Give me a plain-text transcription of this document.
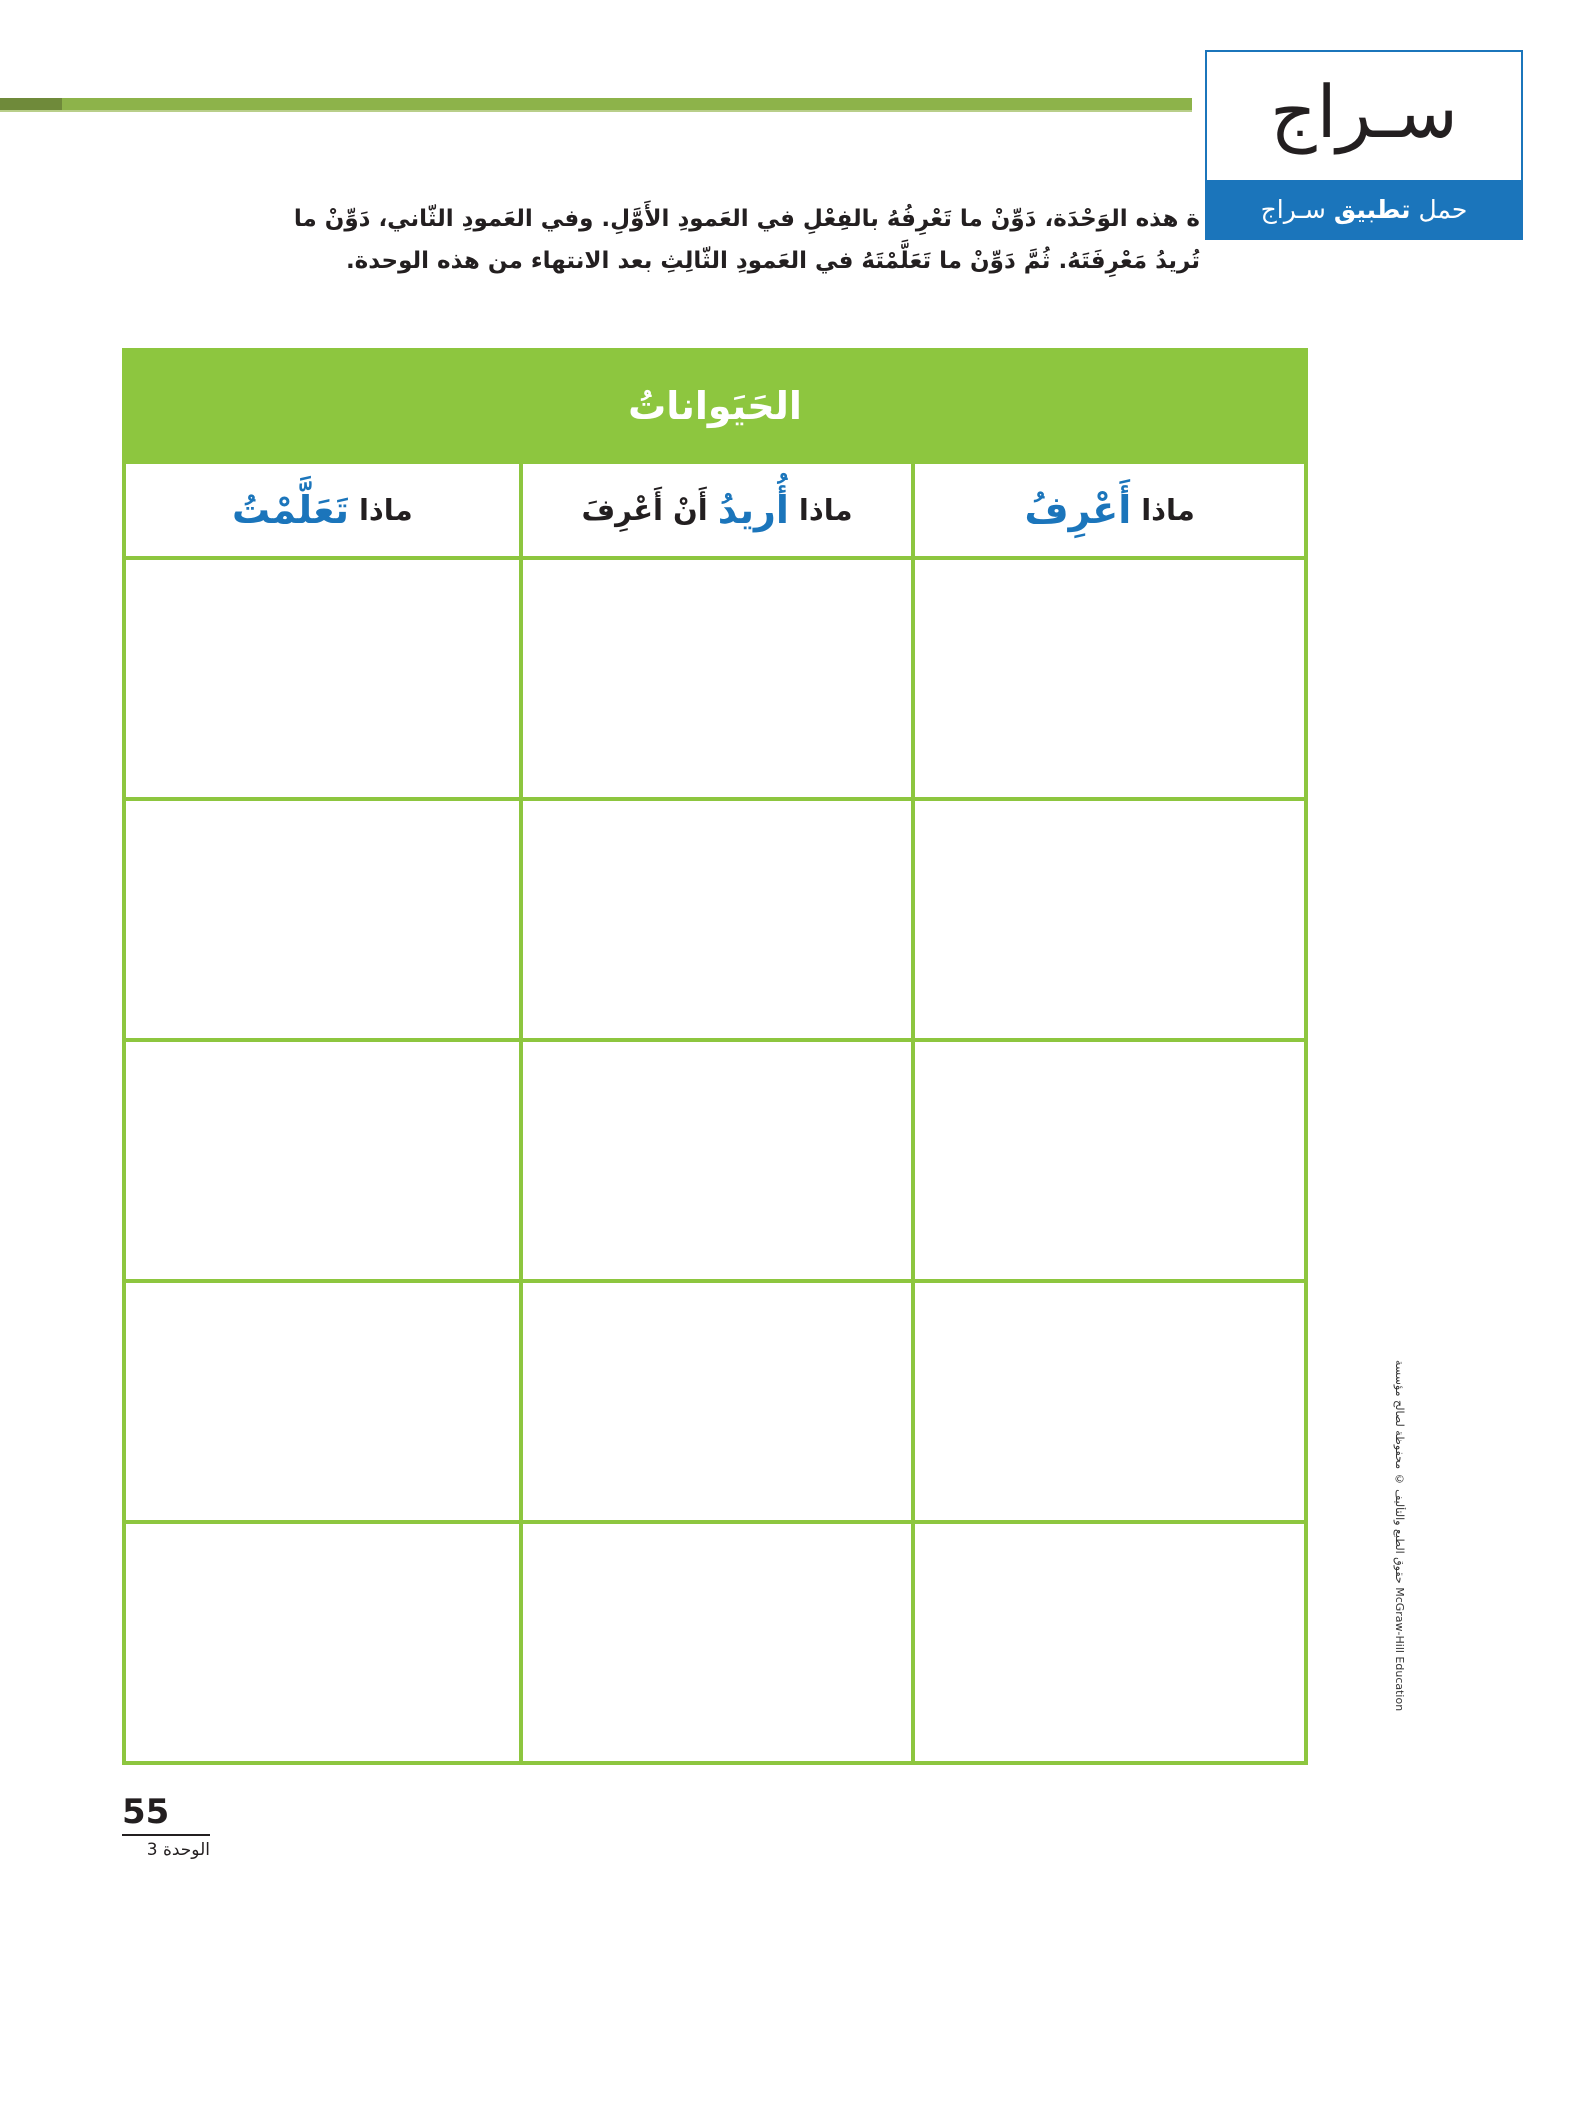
سـراج
حمل
تطبيق
سـراج
ة هذه الوَحْدَة، دَوِّنْ ما تَعْرِفُهُ بالفِعْلِ في العَمودِ الأَوَّلِ. وفي العَمودِ الثّاني، دَوِّنْ ما
تُريدُ مَعْرِفَتَهُ. ثُمَّ دَوِّنْ ما تَعَلَّمْتَهُ في العَمودِ الثّالِثِ بعد الانتهاء من هذه الوحدة.
الحَيَواناتُ
ماذا
أَعْرِفُ
ماذا
أُريدُ
أَنْ أَعْرِفَ
ماذا
تَعَلَّمْتُ
55
الوحدة 3
حقوق الطبع والتأليف © محفوظة لصالح مؤسسة McGraw-Hill Education
